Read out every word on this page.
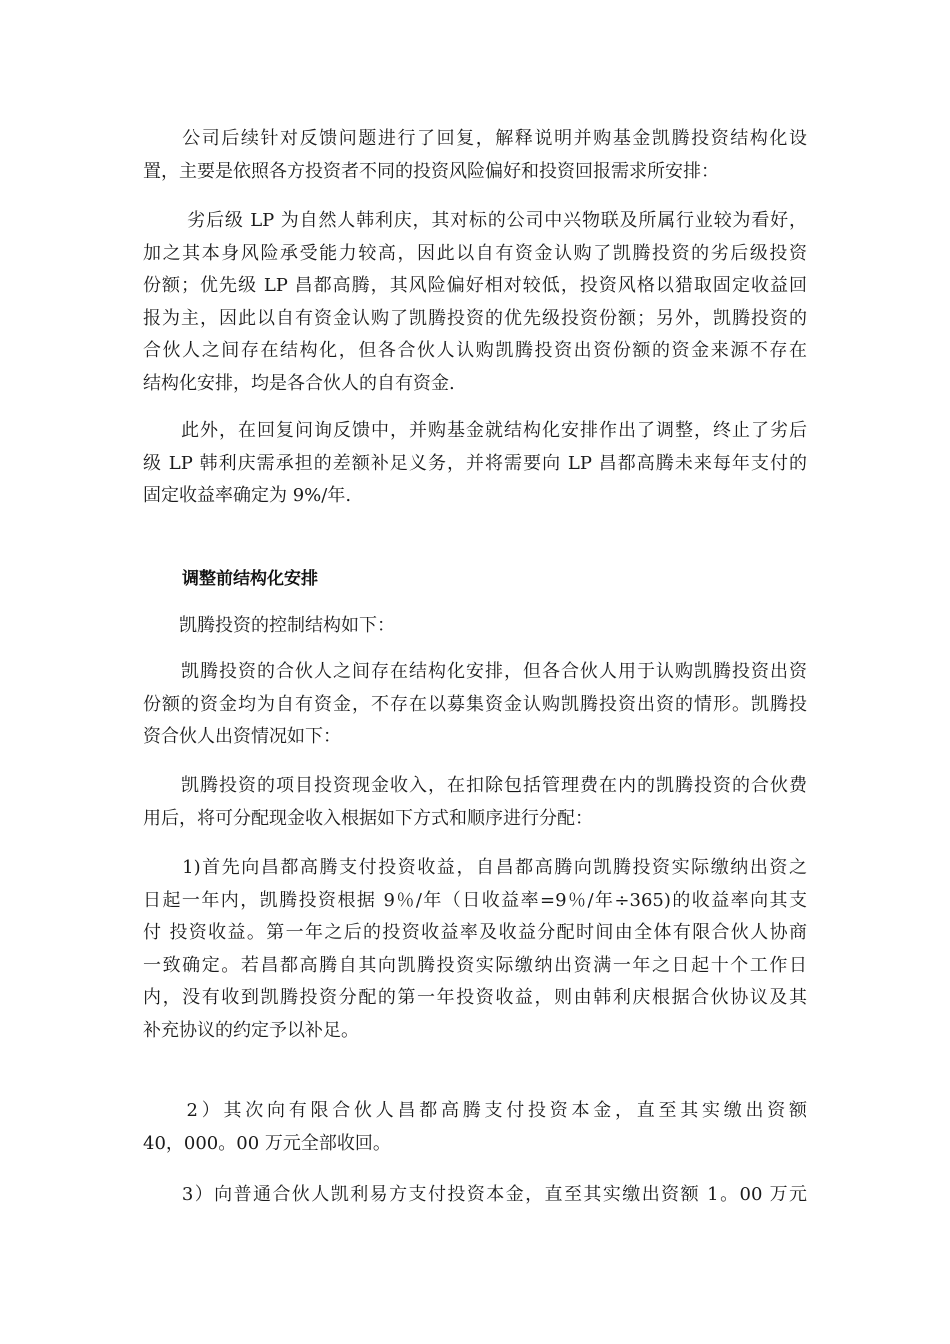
　　公司后续针对反馈问题进行了回复，解释说明并购基金凯腾投资结构化设
置，主要是依照各方投资者不同的投资风险偏好和投资回报需求所安排：
　　 劣后级 LP 为自然人韩利庆，其对标的公司中兴物联及所属行业较为看好，
加之其本身风险承受能力较高，因此以自有资金认购了凯腾投资的劣后级投资
份额；优先级 LP 昌都高腾，其风险偏好相对较低，投资风格以猎取固定收益回
报为主，因此以自有资金认购了凯腾投资的优先级投资份额；另外，凯腾投资的
合伙人之间存在结构化，但各合伙人认购凯腾投资出资份额的资金来源不存在
结构化安排，均是各合伙人的自有资金.
　　此外，在回复问询反馈中，并购基金就结构化安排作出了调整，终止了劣后
级 LP 韩利庆需承担的差额补足义务，并将需要向 LP 昌都高腾未来每年支付的
固定收益率确定为 9%/年.
调整前结构化安排
　　凯腾投资的控制结构如下：
　　凯腾投资的合伙人之间存在结构化安排，但各合伙人用于认购凯腾投资出资
份额的资金均为自有资金，不存在以募集资金认购凯腾投资出资的情形。凯腾投
资合伙人出资情况如下：
　　凯腾投资的项目投资现金收入，在扣除包括管理费在内的凯腾投资的合伙费
用后，将可分配现金收入根据如下方式和顺序进行分配：
　　1)首先向昌都高腾支付投资收益，自昌都高腾向凯腾投资实际缴纳出资之
日起一年内，凯腾投资根据 9％/年（日收益率=9％/年÷365)的收益率向其支
付 投资收益。第一年之后的投资收益率及收益分配时间由全体有限合伙人协商
一致确定。若昌都高腾自其向凯腾投资实际缴纳出资满一年之日起十个工作日
内，没有收到凯腾投资分配的第一年投资收益，则由韩利庆根据合伙协议及其
补充协议的约定予以补足。
　　2）其次向有限合伙人昌都高腾支付投资本金，直至其实缴出资额
40，000。00 万元全部收回。
　　3）向普通合伙人凯利易方支付投资本金，直至其实缴出资额 1。00 万元
